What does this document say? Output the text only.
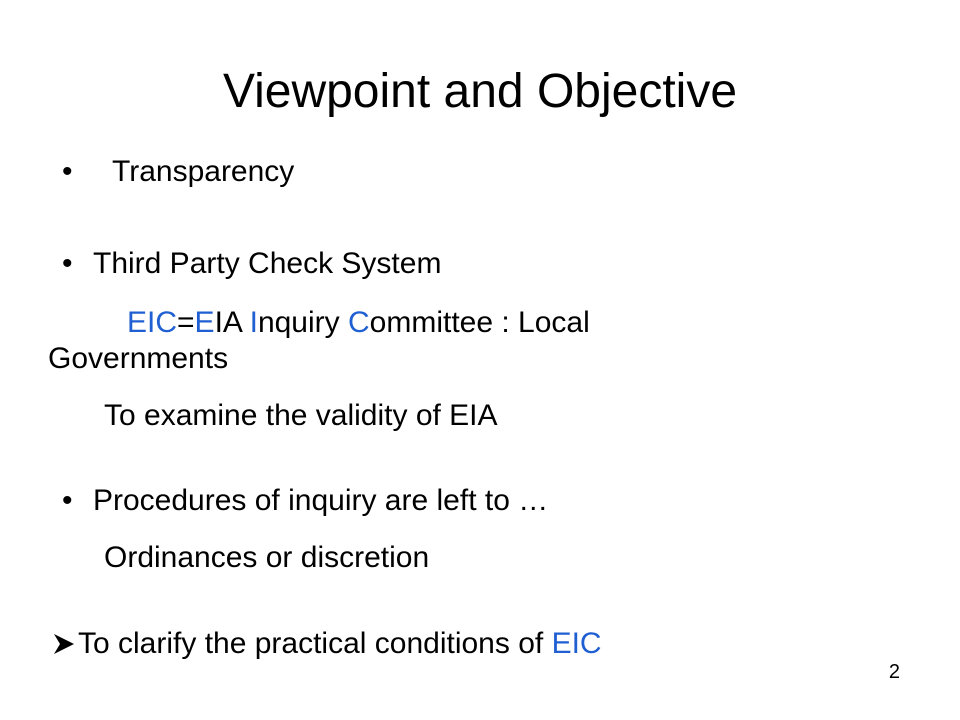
Viewpoint and Objective
• Transparency
• Third Party Check System
EIC=EIA Inquiry Committee : Local
Governments
To examine the validity of EIA
• Procedures of inquiry are left to …
Ordinances or discretion
To clarify the practical conditions of EIC
2
